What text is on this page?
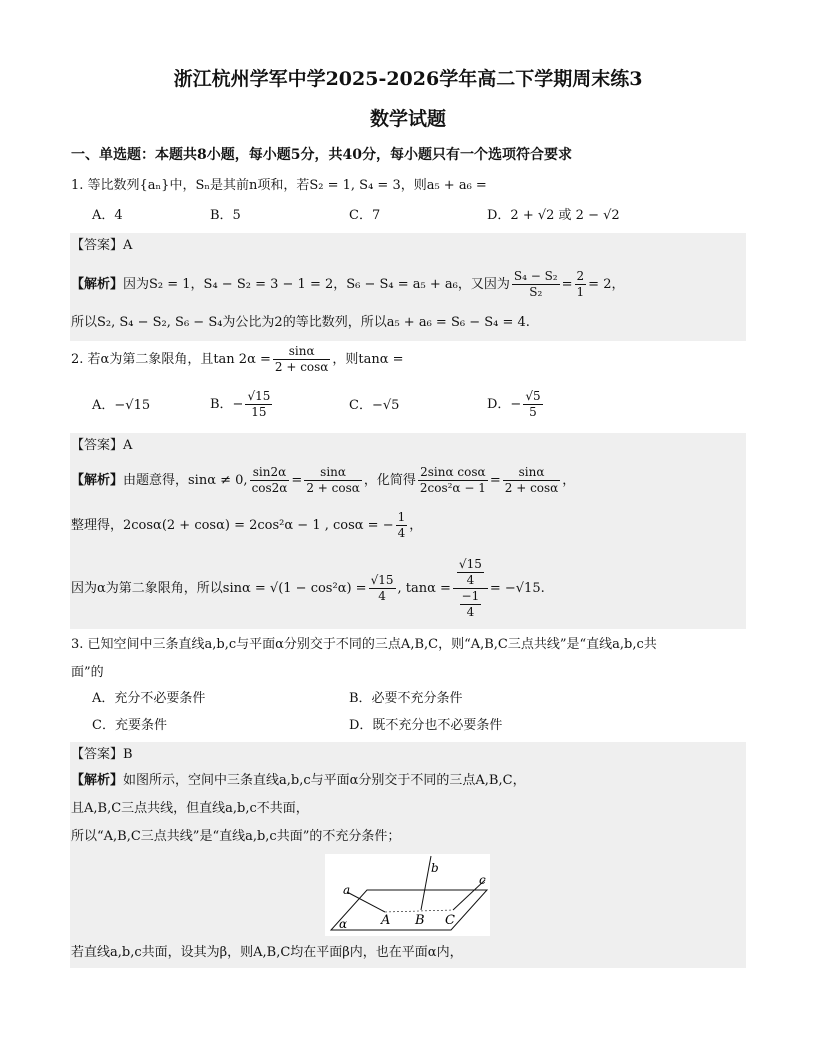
浙江杭州学军中学2025-2026学年高二下学期周末练3
数学试题
一、单选题：本题共8小题，每小题5分，共40分，每小题只有一个选项符合要求
1. 等比数列{aₙ}中，Sₙ是其前n项和，若S₂ = 1, S₄ = 3，则a₅ + a₆ =
A．4	B．5	C．7	D．2 + √2 或 2 − √2
【答案】A
【解析】因为S₂ = 1，S₄ − S₂ = 3 − 1 = 2，S₆ − S₄ = a₅ + a₆，又因为 $\frac{\text{S₄ − S₂}}{\text{S₂}} = \frac{2}{1} = 2$，
所以S₂, S₄ − S₂, S₆ − S₄为公比为2的等比数列，所以a₅ + a₆ = S₆ − S₄ = 4.
2. 若α为第二象限角，且$\tan 2\alpha = \frac{\sin\alpha}{2 + \cos\alpha}$ ，则tanα =
A．−√15	B．− $\frac{√15}{15}$	C．−√5	D．− $\frac{√5}{5}$
【答案】A
【解析】由题意得，sinα ≠ 0, $\frac{\sin 2\alpha}{\cos 2\alpha} = \frac{\sin\alpha}{2 + \cos\alpha}$ ，化简得 $\frac{\text{2sinα cosα}}{\text{2cos²α − 1}} = \frac{\sin\alpha}{2 + \cos\alpha}$ ，
整理得，2cosα(2 + cosα) = 2cos²α − 1 , cosα = − $\frac{1}{4}$ ，
因为α为第二象限角，所以$\sin\alpha = √(1 - \cos^2\alpha) = \frac{√15}{4}$ , $\tan\alpha = \frac{\frac{√15}{4}}{\frac{-1}{4}} = -√15$.
3. 已知空间中三条直线a,b,c与平面α分别交于不同的三点A,B,C，则“A,B,C三点共线”是“直线a,b,c共
面”的
A．充分不必要条件	B．必要不充分条件
C．充要条件	D．既不充分也不必要条件
【答案】B
【解析】如图所示，空间中三条直线a,b,c与平面α分别交于不同的三点A,B,C，
且A,B,C三点共线，但直线a,b,c不共面，
所以“A,B,C三点共线”是“直线a,b,c共面”的不充分条件；
a
b
c
A B C
α
若直线a,b,c共面，设其为β，则A,B,C均在平面β内，也在平面α内，
